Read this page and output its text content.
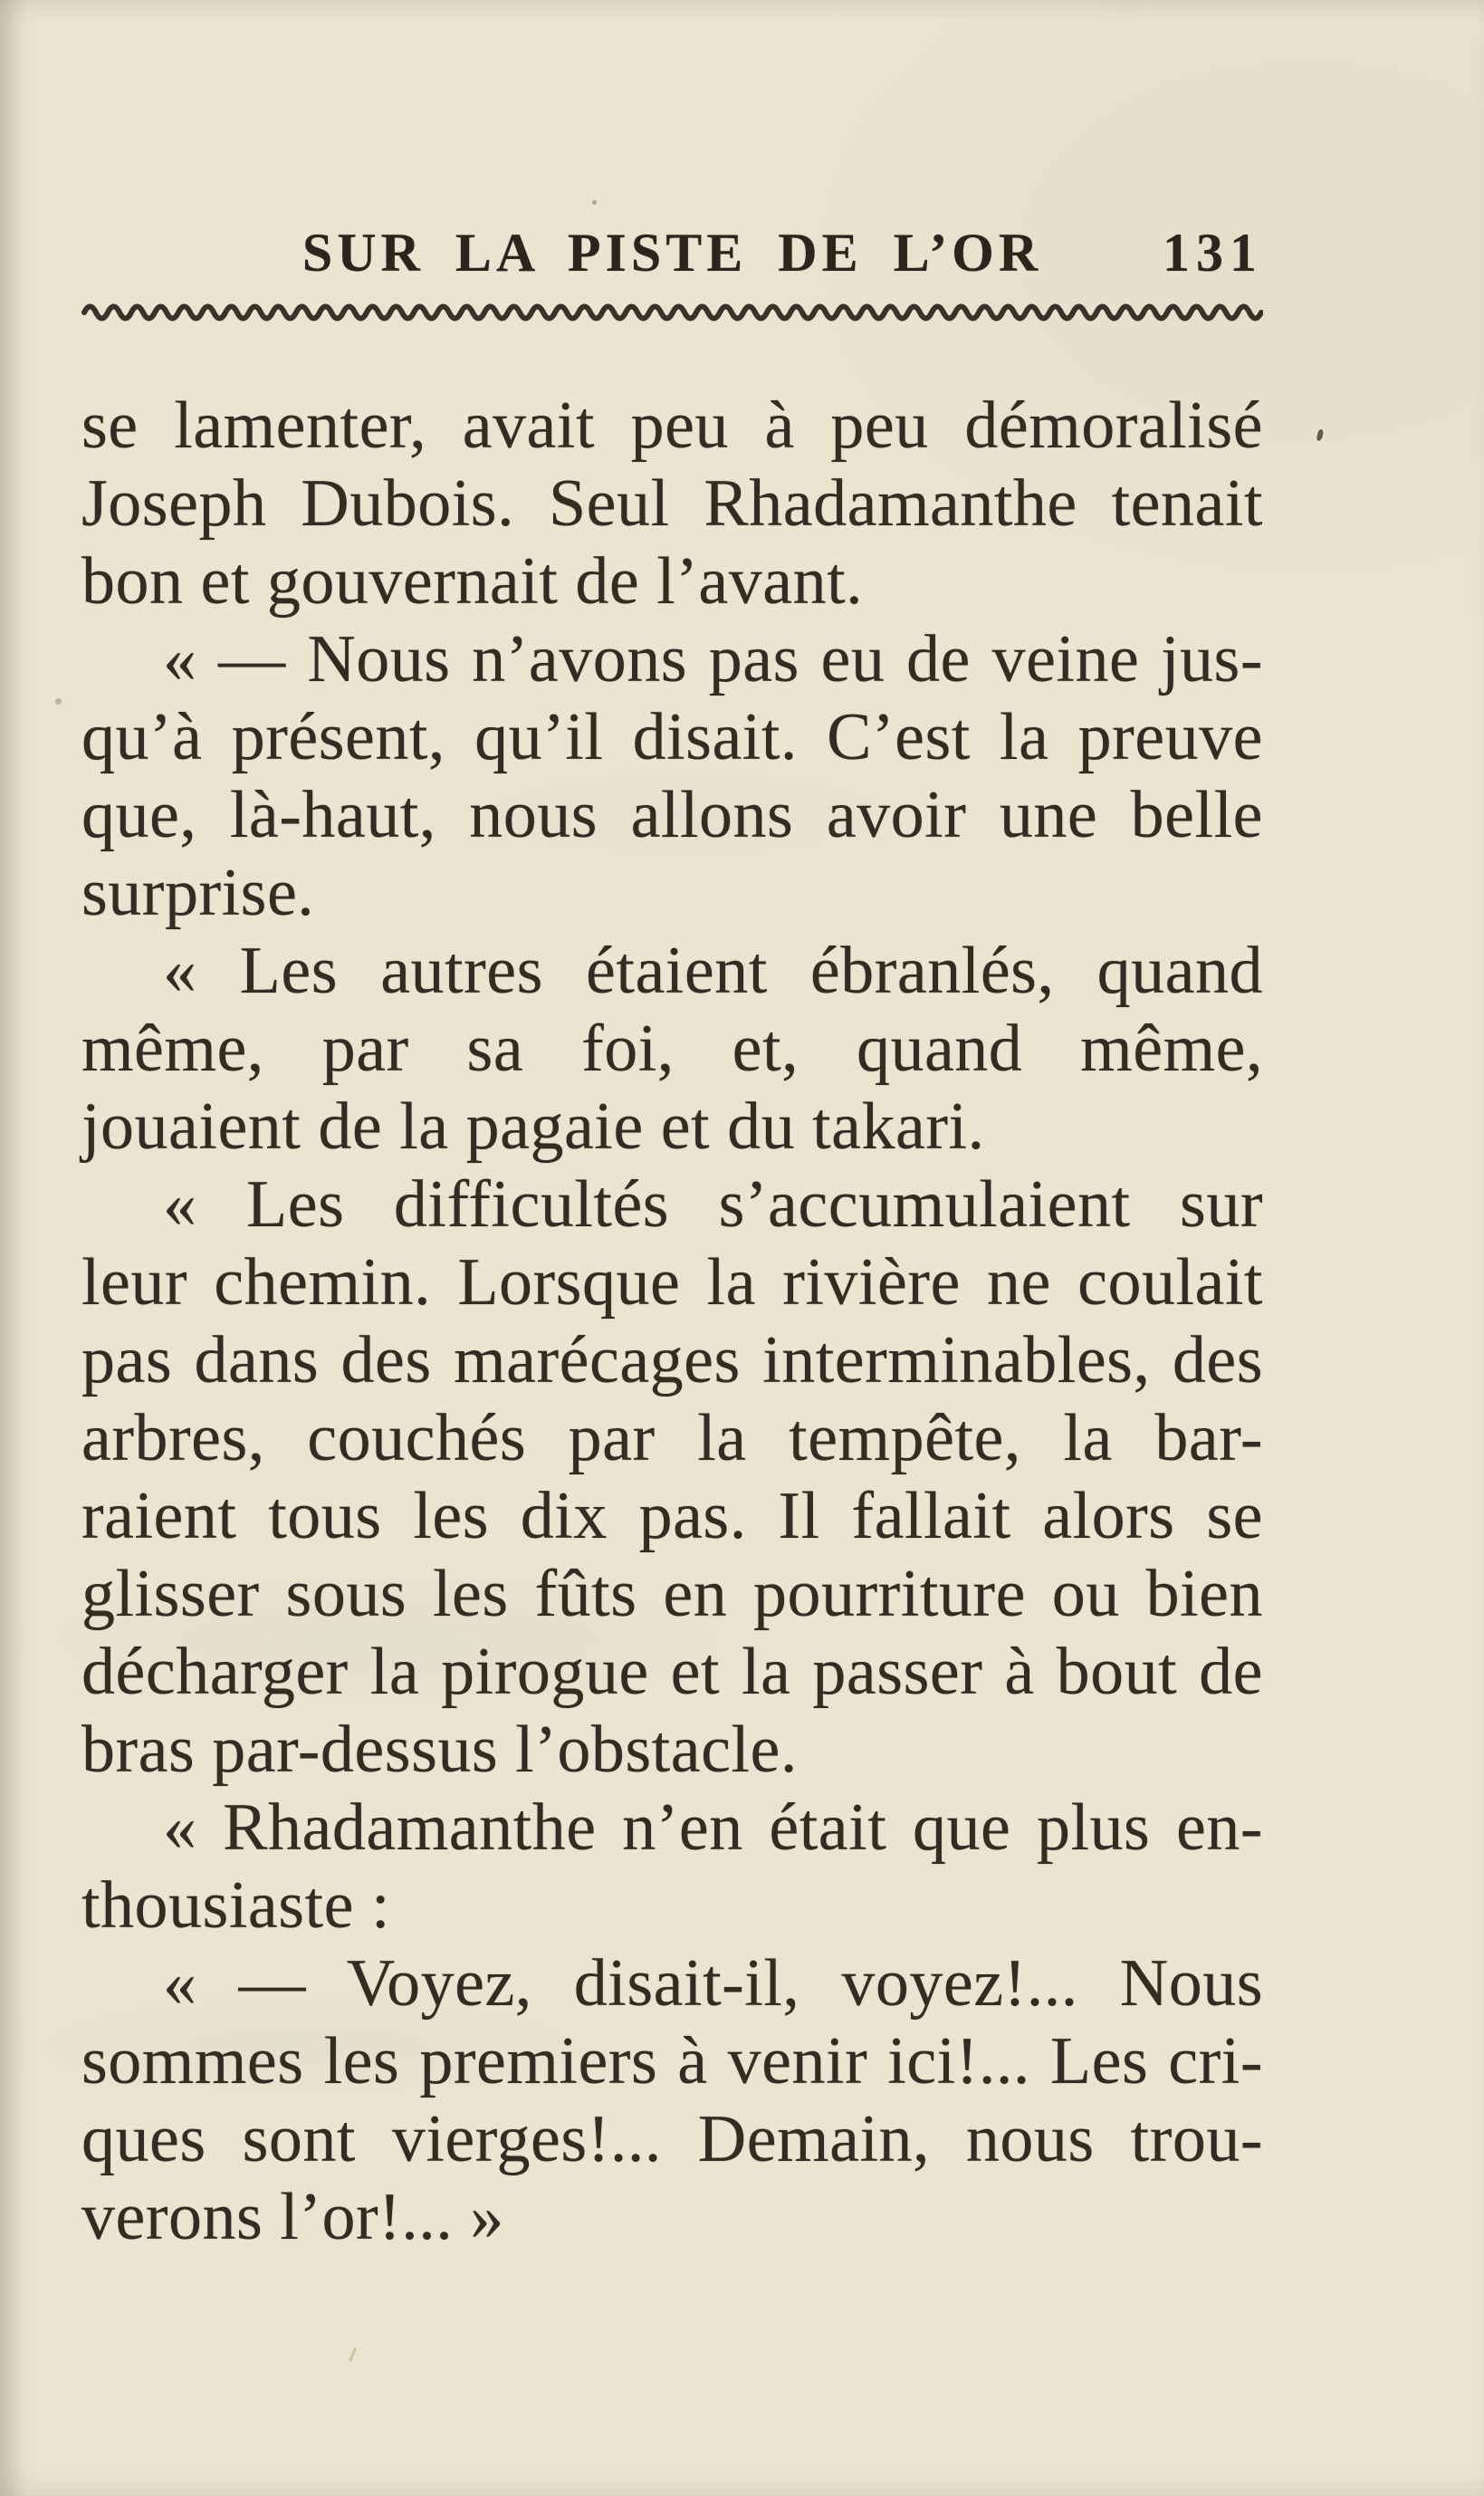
SUR LA PISTE DE L’OR	131
se lamenter, avait peu à peu démoralisé
Joseph Dubois. Seul Rhadamanthe tenait
bon et gouvernait de l’avant.
« — Nous n’avons pas eu de veine jus-
qu’à présent, qu’il disait. C’est la preuve
que, là-haut, nous allons avoir une belle
surprise.
« Les autres étaient ébranlés, quand
même, par sa foi, et, quand même,
jouaient de la pagaie et du takari.
« Les difficultés s’accumulaient sur
leur chemin. Lorsque la rivière ne coulait
pas dans des marécages interminables, des
arbres, couchés par la tempête, la bar-
raient tous les dix pas. Il fallait alors se
glisser sous les fûts en pourriture ou bien
décharger la pirogue et la passer à bout de
bras par-dessus l’obstacle.
« Rhadamanthe n’en était que plus en-
thousiaste :
« — Voyez, disait-il, voyez!... Nous
sommes les premiers à venir ici!... Les cri-
ques sont vierges!... Demain, nous trou-
verons l’or!... »
